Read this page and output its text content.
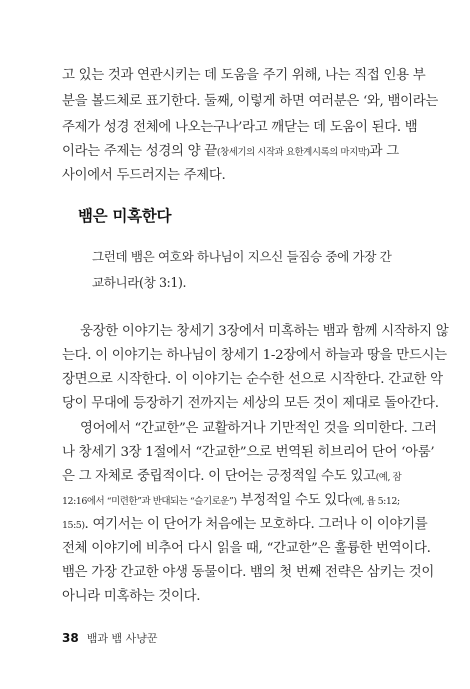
고 있는 것과 연관시키는 데 도움을 주기 위해, 나는 직접 인용 부
분을 볼드체로 표기한다. 둘째, 이렇게 하면 여러분은 ‘와, 뱀이라는
주제가 성경 전체에 나오는구나’라고 깨닫는 데 도움이 된다. 뱀
이라는 주제는 성경의 양 끝(창세기의 시작과 요한계시록의 마지막)과 그
사이에서 두드러지는 주제다.
뱀은 미혹한다
그런데 뱀은 여호와 하나님이 지으신 들짐승 중에 가장 간
교하니라(창 3:1).
웅장한 이야기는 창세기 3장에서 미혹하는 뱀과 함께 시작하지 않
는다. 이 이야기는 하나님이 창세기 1-2장에서 하늘과 땅을 만드시는
장면으로 시작한다. 이 이야기는 순수한 선으로 시작한다. 간교한 악
당이 무대에 등장하기 전까지는 세상의 모든 것이 제대로 돌아간다.
영어에서 “간교한”은 교활하거나 기만적인 것을 의미한다. 그러
나 창세기 3장 1절에서 “간교한”으로 번역된 히브리어 단어 ‘아룸’
은 그 자체로 중립적이다. 이 단어는 긍정적일 수도 있고(예, 잠
12:16에서 “미련한”과 반대되는 “슬기로운”) 부정적일 수도 있다(예, 욥 5:12;
15:5). 여기서는 이 단어가 처음에는 모호하다. 그러나 이 이야기를
전체 이야기에 비추어 다시 읽을 때, “간교한”은 훌륭한 번역이다.
뱀은 가장 간교한 야생 동물이다. 뱀의 첫 번째 전략은 삼키는 것이
아니라 미혹하는 것이다.
38 뱀과 뱀 사냥꾼
